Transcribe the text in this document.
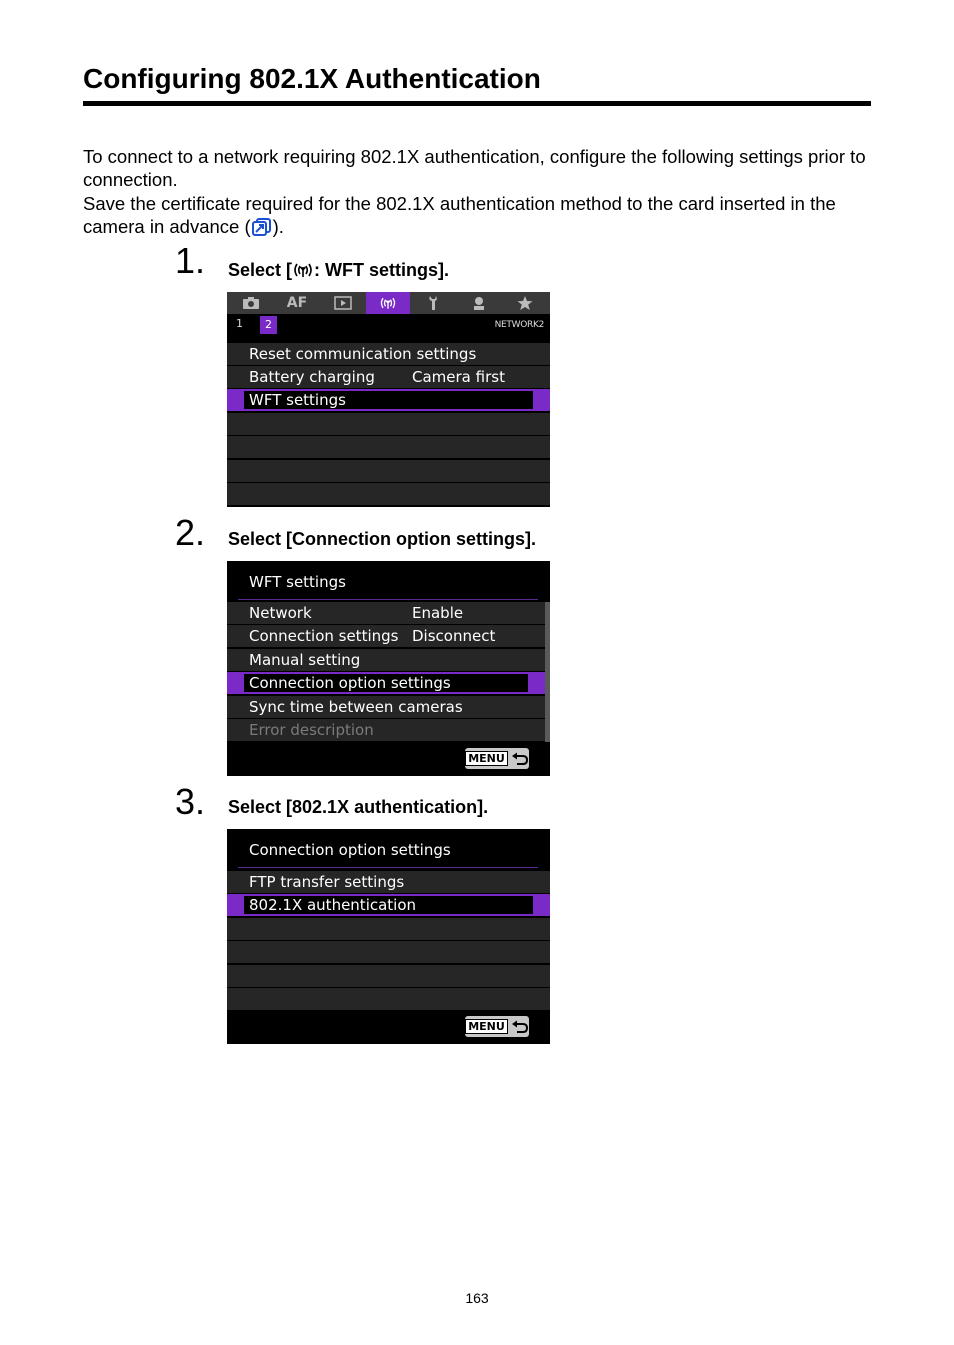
Configuring 802.1X Authentication

To connect to a network requiring 802.1X authentication, configure the following settings prior to connection.

Save the certificate required for the 802.1X authentication method to the card inserted in the camera in advance ( ).

1. Select [ : WFT settings].
AF
1	2	NETWORK2
Reset communication settings
Battery charging Camera first
WFT settings
2. Select [Connection option settings].
WFT settings
Network	Enable
Connection settings Disconnect
Manual setting
Connection option settings
Sync time between cameras
Error description
MENU
3. Select [802.1X authentication].
Connection option settings
FTP transfer settings
802.1X authentication
MENU
163
